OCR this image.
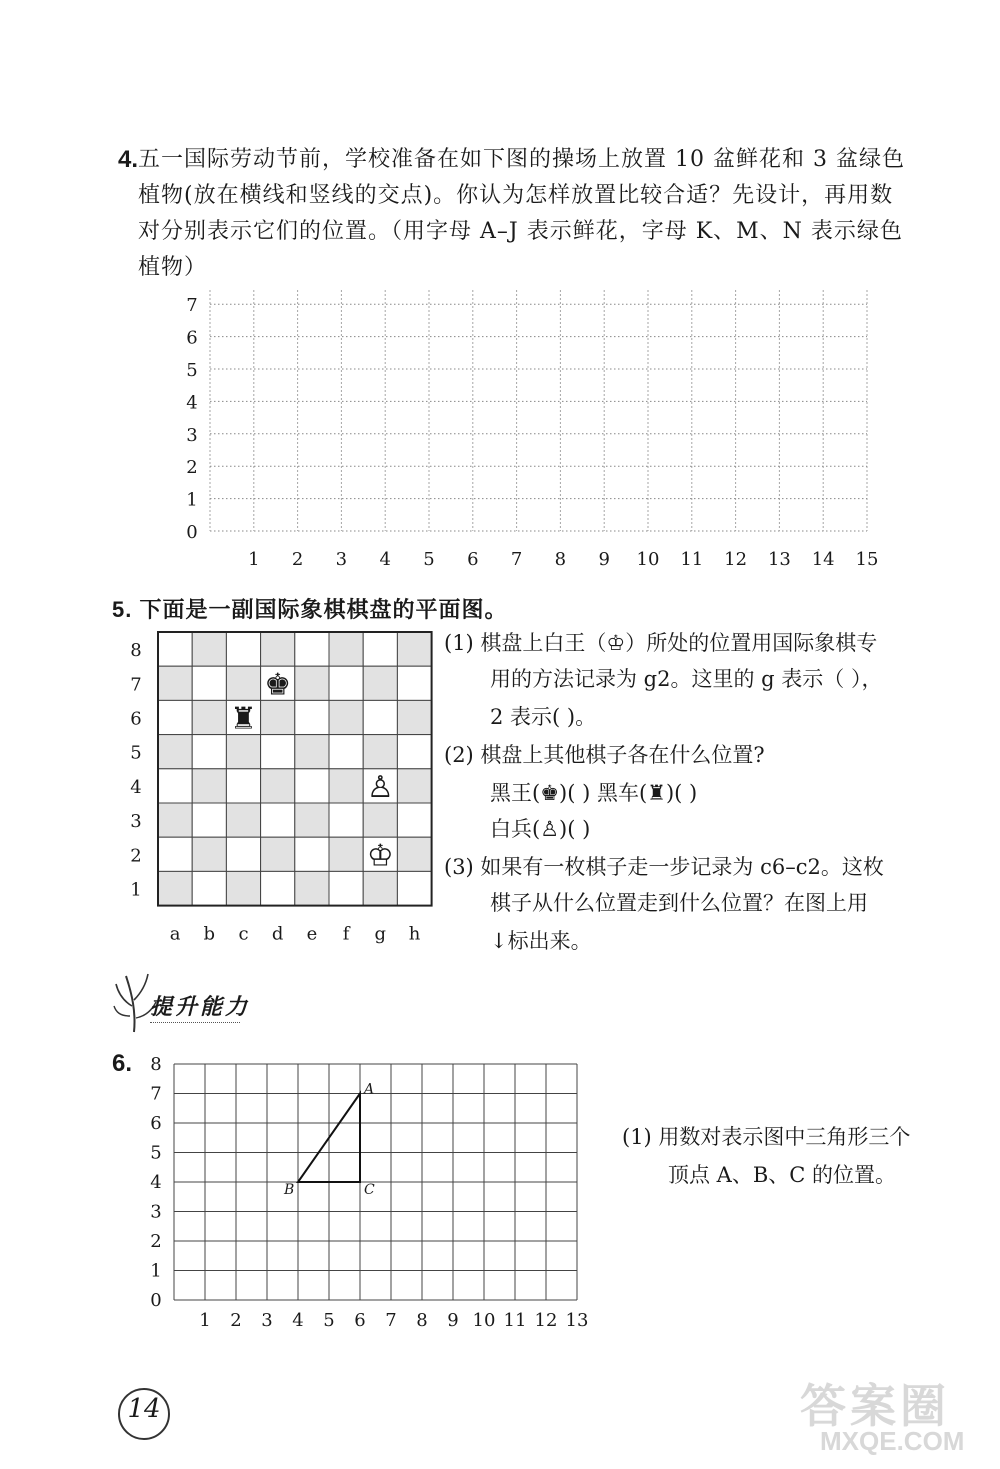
4. 五一国际劳动节前，学校准备在如下图的操场上放置 10 盆鲜花和 3 盆绿色
植物(放在横线和竖线的交点)。你认为怎样放置比较合适？先设计，再用数
对分别表示它们的位置。（用字母 A–J 表示鲜花，字母 K、M、N 表示绿色
植物）
0
1
2
3
4
5
6
7
1 2 3 4 5 6 7 8 9 10 11 12 13 14 15
5. 下面是一副国际象棋棋盘的平面图。
8
7
6
5
4
3
2
1
a b c d e f g h
♚
♜
♙
♔
(1) 棋盘上白王（♔）所处的位置用国际象棋专
用的方法记录为 g2。这里的 g 表示（ ），
2 表示( )。
(2) 棋盘上其他棋子各在什么位置?
黑王(♚)( ) 黑车(♜)( )
白兵(♙)( )
(3) 如果有一枚棋子走一步记录为 c6–c2。这枚
棋子从什么位置走到什么位置？在图上用
↓标出来。
提升能力
6.
0
1
2
3
4
5
6
7
8
1 2 3 4 5 6 7 8 9 10 11 12 13
A
B	C
(1) 用数对表示图中三角形三个
顶点 A、B、C 的位置。
14	答案圈
MXQE.COM
